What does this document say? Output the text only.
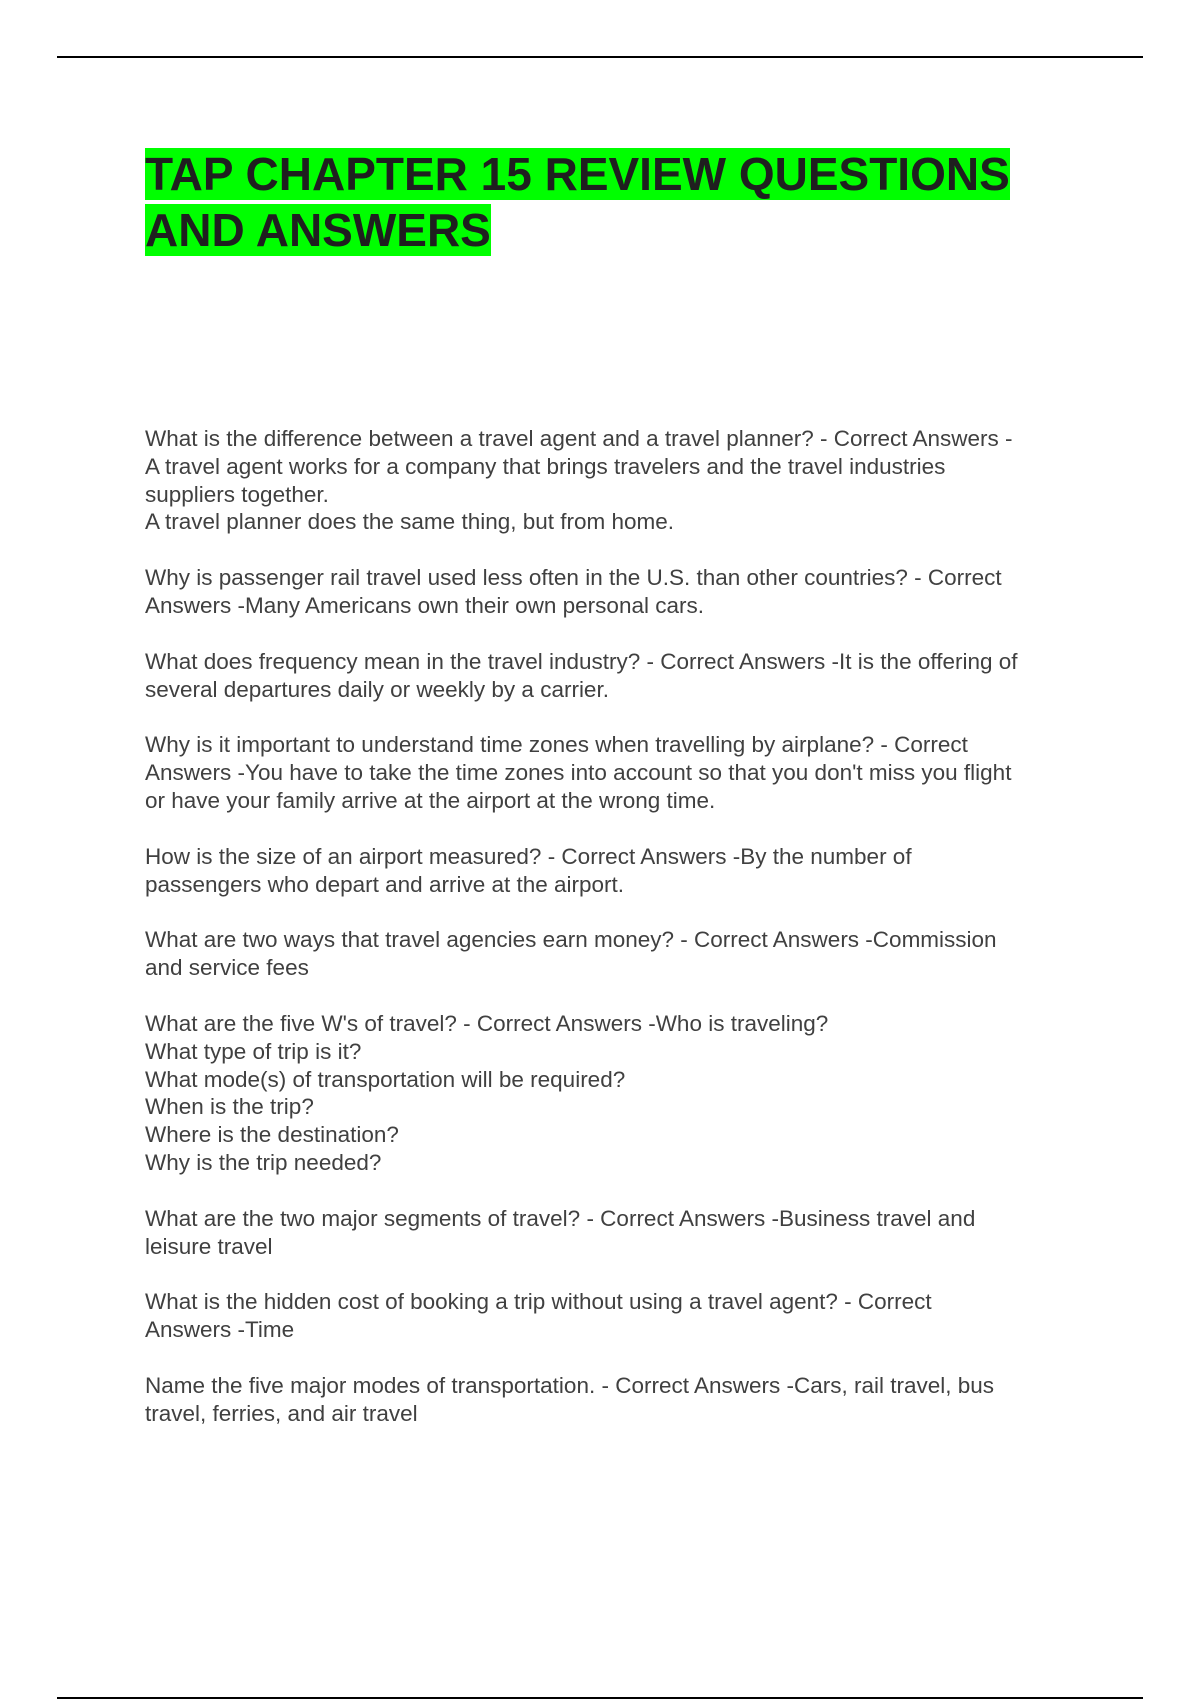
TAP CHAPTER 15 REVIEW QUESTIONS AND ANSWERS
What is the difference between a travel agent and a travel planner? - Correct Answers -
A travel agent works for a company that brings travelers and the travel industries
suppliers together.
A travel planner does the same thing, but from home.
Why is passenger rail travel used less often in the U.S. than other countries? - Correct
Answers -Many Americans own their own personal cars.
What does frequency mean in the travel industry? - Correct Answers -It is the offering of
several departures daily or weekly by a carrier.
Why is it important to understand time zones when travelling by airplane? - Correct
Answers -You have to take the time zones into account so that you don't miss you flight
or have your family arrive at the airport at the wrong time.
How is the size of an airport measured? - Correct Answers -By the number of
passengers who depart and arrive at the airport.
What are two ways that travel agencies earn money? - Correct Answers -Commission
and service fees
What are the five W's of travel? - Correct Answers -Who is traveling?
What type of trip is it?
What mode(s) of transportation will be required?
When is the trip?
Where is the destination?
Why is the trip needed?
What are the two major segments of travel? - Correct Answers -Business travel and
leisure travel
What is the hidden cost of booking a trip without using a travel agent? - Correct
Answers -Time
Name the five major modes of transportation. - Correct Answers -Cars, rail travel, bus
travel, ferries, and air travel
